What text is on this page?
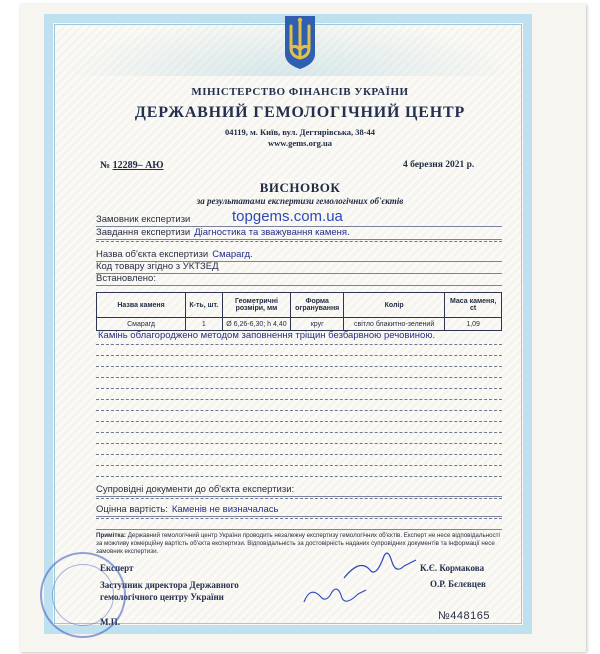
МІНІСТЕРСТВО ФІНАНСІВ УКРАЇНИ
ДЕРЖАВНИЙ ГЕМОЛОГІЧНИЙ ЦЕНТР
04119, м. Київ, вул. Дегтярівська, 38-44
www.gems.org.ua
№ 12289– АЮ	4 березня 2021 р.
ВИСНОВОК
за результатами експертизи гемологічних об'єктів
topgems.com.ua
Замовник експертизи
Завдання експертизи Діагностика та зважування каменя.
Назва об'єкта експертизи Смарагд.
Код товару згідно з УКТЗЕД
Встановлено:
Назва каменя	К-ть, шт.	Геометричні розміри, мм	Форма огранування	Колір	Маса каменя, ct
Смарагд	1	Ø 6,26-6,30; h 4,40	круг	світло блакитно-зелений	1,09
Камінь облагороджено методом заповнення тріщин безбарвною речовиною.
Супровідні документи до об'єкта експертизи:
Оцінна вартість: Каменів не визначалась
Примітка: Державний гемологічний центр України проводить незалежну експертизу гемологічних об'єктів. Експерт не несе відповідальності за можливу комерційну вартість об'єкта експертизи. Відповідальність за достовірність наданих супровідних документів та інформації несе замовник експертизи.
Експерт	К.Є. Кормакова
Заступник директора Державного
гемологічного центру України
О.Р. Бєлєвцев
М.П.	№448165
